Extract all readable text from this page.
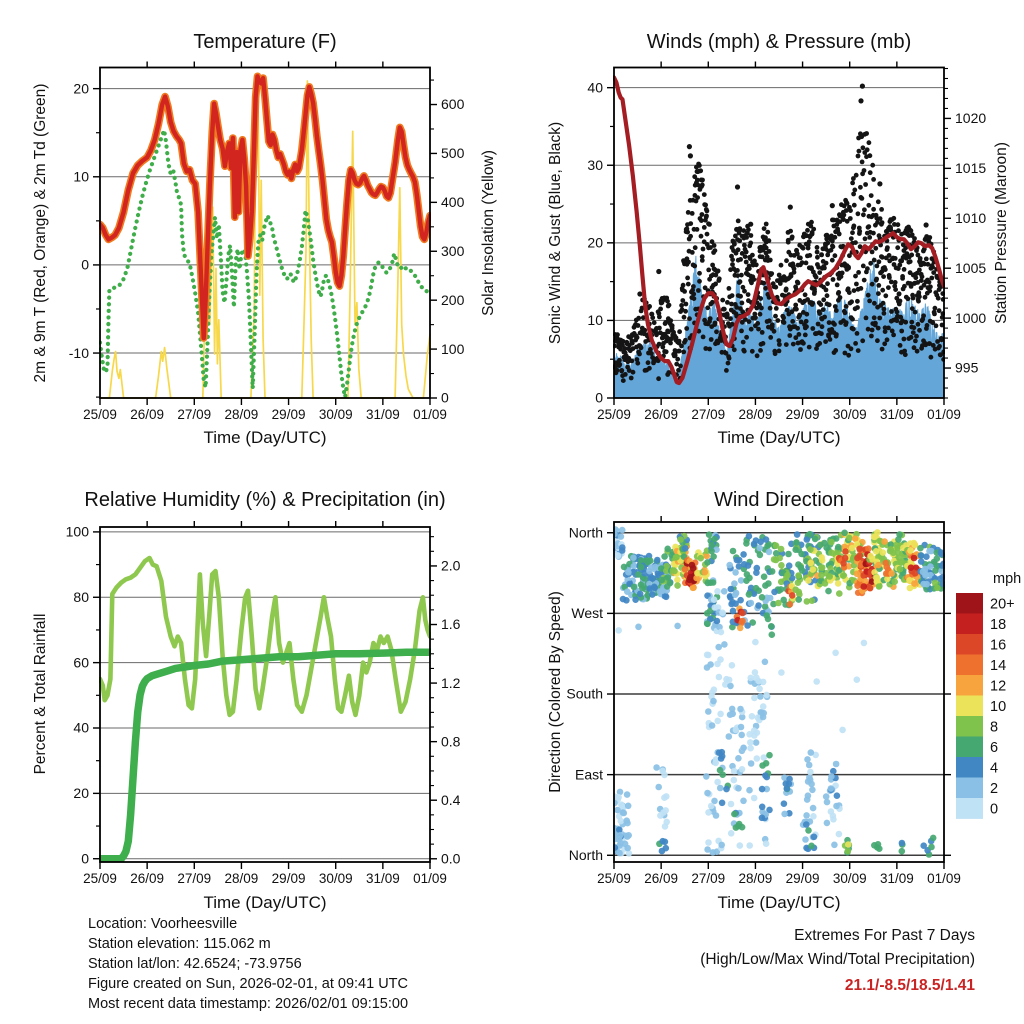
25/09 26/09 27/09 28/09 29/09 30/09 31/09 01/09
-10
0
10
20
0
100
200
300
400
500
600
25/09 26/09 27/09 28/09 29/09 30/09 31/09 01/09
0
10
20
30
40
995
1000
1005
1010
1015
1020
25/09 26/09 27/09 28/09 29/09 30/09 31/09 01/09
0
20
40
60
80
100
0.0
0.4
0.8
1.2
1.6
2.0
25/09 26/09 27/09 28/09 29/09 30/09 31/09 01/09
North
East
South
West
North
20+
18
16
14
12
10
8
6
4
2
0
Temperature (F)	Winds (mph) & Pressure (mb)
Relative Humidity (%) & Precipitation (in)	Wind Direction
2m & 9m T (Red, Orange) & 2m Td (Green)	Solar Insolation (Yellow)	Sonic Wind & Gust (Blue, Black)	Station Pressure (Maroon)
Percent & Total Rainfall	Direction (Colored By Speed)
Time (Day/UTC)	Time (Day/UTC)
Time (Day/UTC)	Time (Day/UTC)
mph
Location: Voorheesville
Station elevation: 115.062 m
Station lat/lon: 42.6524; -73.9756
Figure created on Sun, 2026-02-01, at 09:41 UTC
Most recent data timestamp: 2026/02/01 09:15:00
Extremes For Past 7 Days
(High/Low/Max Wind/Total Precipitation)
21.1/-8.5/18.5/1.41
